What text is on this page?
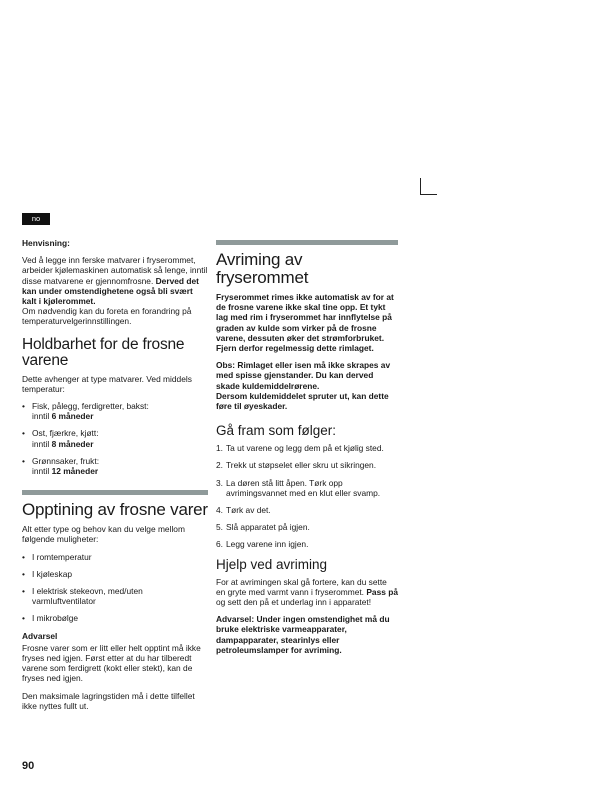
no

Henvisning:

Ved å legge inn ferske matvarer i fryserommet, arbeider kjølemaskinen automatisk så lenge, inntil disse matvarene er gjennomfrosne. Derved det kan under omstendighetene også bli svært kalt i kjølerommet.

Om nødvendig kan du foreta en forandring på temperaturvelgerinnstillingen.

Holdbarhet for de frosne varene

Dette avhenger at type matvarer. Ved middels temperatur:

• Fisk, pålegg, ferdigretter, bakst:
inntil 6 måneder
• Ost, fjærkre, kjøtt:
inntil 8 måneder
• Grønnsaker, frukt:
inntil 12 måneder
Opptining av frosne varer

Alt etter type og behov kan du velge mellom følgende muligheter:

• I romtemperatur
• I kjøleskap
• I elektrisk stekeovn, med/uten varmluftventilator
• I mikrobølge

Advarsel

Frosne varer som er litt eller helt opptint må ikke fryses ned igjen. Først etter at du har tilberedt varene som ferdigrett (kokt eller stekt), kan de fryses ned igjen.

Den maksimale lagringstiden må i dette tilfellet ikke nyttes fullt ut.

Avriming av fryserommet

Fryserommet rimes ikke automatisk av for at de frosne varene ikke skal tine opp. Et tykt lag med rim i fryserommet har innflytelse på graden av kulde som virker på de frosne varene, dessuten øker det strømforbruket. Fjern derfor regelmessig dette rimlaget.

Obs: Rimlaget eller isen må ikke skrapes av med spisse gjenstander. Du kan derved skade kuldemiddelrørene.

Dersom kuldemiddelet spruter ut, kan dette føre til øyeskader.

Gå fram som følger:
1. Ta ut varene og legg dem på et kjølig sted.
2. Trekk ut støpselet eller skru ut sikringen.
3. La døren stå litt åpen. Tørk opp avrimingsvannet med en klut eller svamp.
4. Tørk av det.
5. Slå apparatet på igjen.
6. Legg varene inn igjen.
Hjelp ved avriming

For at avrimingen skal gå fortere, kan du sette en gryte med varmt vann i fryserommet. Pass på og sett den på et underlag inn i apparatet!

Advarsel: Under ingen omstendighet må du bruke elektriske varmeapparater, dampapparater, stearinlys eller petroleumslamper for avriming.

90
